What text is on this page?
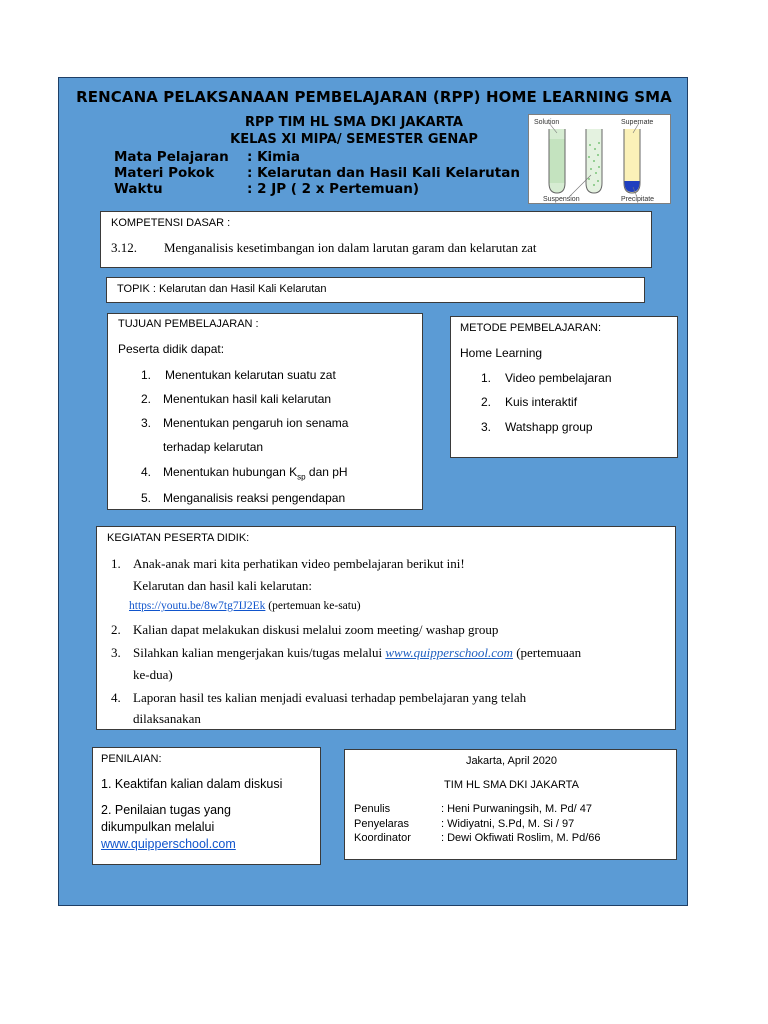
RENCANA PELAKSANAAN PEMBELAJARAN (RPP) HOME LEARNING SMA
RPP TIM HL SMA DKI JAKARTA
KELAS XI MIPA/ SEMESTER GENAP
Mata Pelajaran	: Kimia
Materi Pokok	: Kelarutan dan Hasil Kali Kelarutan
Waktu	: 2 JP ( 2 x Pertemuan)
Solution	Supernate
Suspension	Precipitate
KOMPETENSI DASAR :
3.12. Menganalisis kesetimbangan ion dalam larutan garam dan kelarutan zat
TOPIK : Kelarutan dan Hasil Kali Kelarutan
TUJUAN PEMBELAJARAN :
Peserta didik dapat:
1. Menentukan kelarutan suatu zat
2. Menentukan hasil kali kelarutan
3. Menentukan pengaruh ion senama
terhadap kelarutan
4. Menentukan hubungan $K_{sp}$ dan pH
5. Menganalisis reaksi pengendapan
METODE PEMBELAJARAN:
Home Learning
1. Video pembelajaran
2. Kuis interaktif
3. Watshapp group
KEGIATAN PESERTA DIDIK:
1. Anak-anak mari kita perhatikan video pembelajaran berikut ini!
Kelarutan dan hasil kali kelarutan:
https://youtu.be/8w7tg7IJ2Ek (pertemuan ke-satu)
2. Kalian dapat melakukan diskusi melalui zoom meeting/ washap group
3. Silahkan kalian mengerjakan kuis/tugas melalui www.quipperschool.com (pertemuaan
ke-dua)
4. Laporan hasil tes kalian menjadi evaluasi terhadap pembelajaran yang telah
dilaksanakan
PENILAIAN:
1. Keaktifan kalian dalam diskusi
2. Penilaian tugas yang
dikumpulkan melalui
www.quipperschool.com
Jakarta, April 2020
TIM HL SMA DKI JAKARTA
Penulis	: Heni Purwaningsih, M. Pd/ 47
Penyelaras	: Widiyatni, S.Pd, M. Si / 97
Koordinator	: Dewi Okfiwati Roslim, M. Pd/66
